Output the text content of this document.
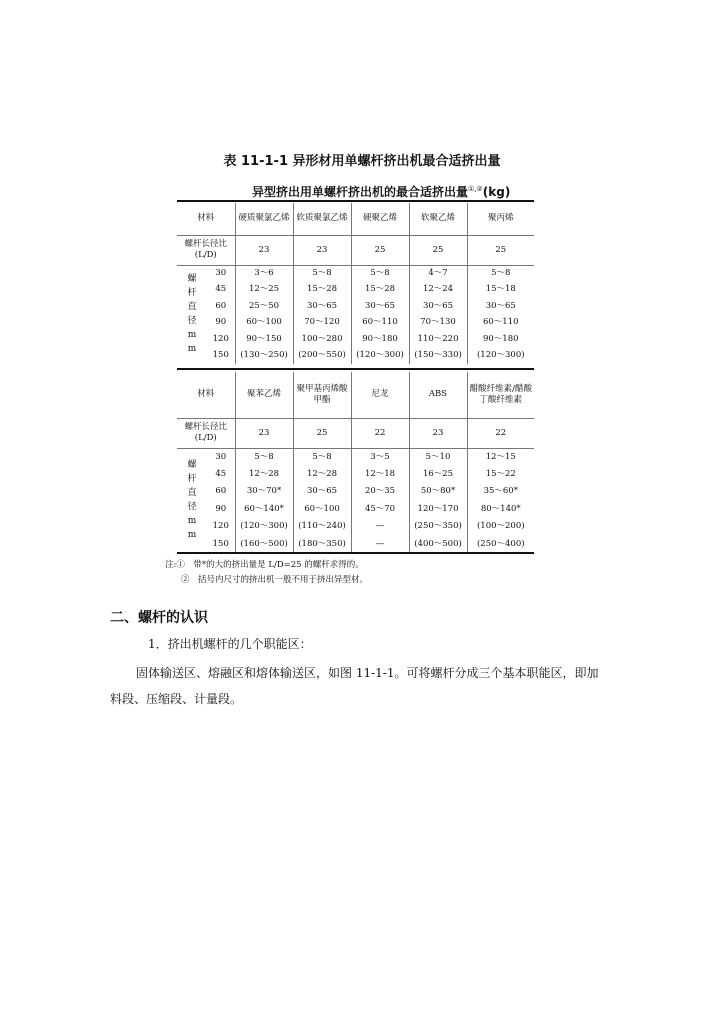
表 11-1-1 异形材用单螺杆挤出机最合适挤出量
异型挤出用单螺杆挤出机的最合适挤出量①,②(kg)
材料		硬质聚氯乙烯	软质聚氯乙烯	硬聚乙烯	软聚乙烯	聚丙烯
螺杆长径比 (L/D)		23	23	25	25	25
螺杆直径mm	30	3～6	5～8	5～8	4～7	5～8
	45	12～25	15～28	15～28	12～24	15～18
	60	25～50	30～65	30～65	30～65	30～65
	90	60～100	70～120	60～110	70～130	60～110
	120	90～150	100～280	90～180	110～220	90～180
	150	(130～250)	(200～550)	(120～300)	(150～330)	(120～300)
材料		聚苯乙烯	聚甲基丙烯酸甲酯	尼龙	ABS	醋酸纤维素/醋酸丁酸纤维素
螺杆长径比 (L/D)		23	25	22	23	22
螺杆直径mm	30	5～8	5～8	3～5	5～10	12～15
	45	12～28	12～28	12～18	16～25	15～22
	60	30～70*	30～65	20～35	50～80*	35～60*
	90	60～140*	60～100	45～70	120～170	80～140*
	120	(120～300)	(110～240)	—	(250～350)	(100～200)
	150	(160～500)	(180～350)	—	(400～500)	(250～400)
注:①　带*的大的挤出量是 L/D=25 的螺杆求得的。
②　括号内尺寸的挤出机一般不用于挤出异型材。
二、螺杆的认识
1．挤出机螺杆的几个职能区：
固体输送区、熔融区和熔体输送区，如图 11-1-1。可将螺杆分成三个基本职能区，即加
料段、压缩段、计量段。
